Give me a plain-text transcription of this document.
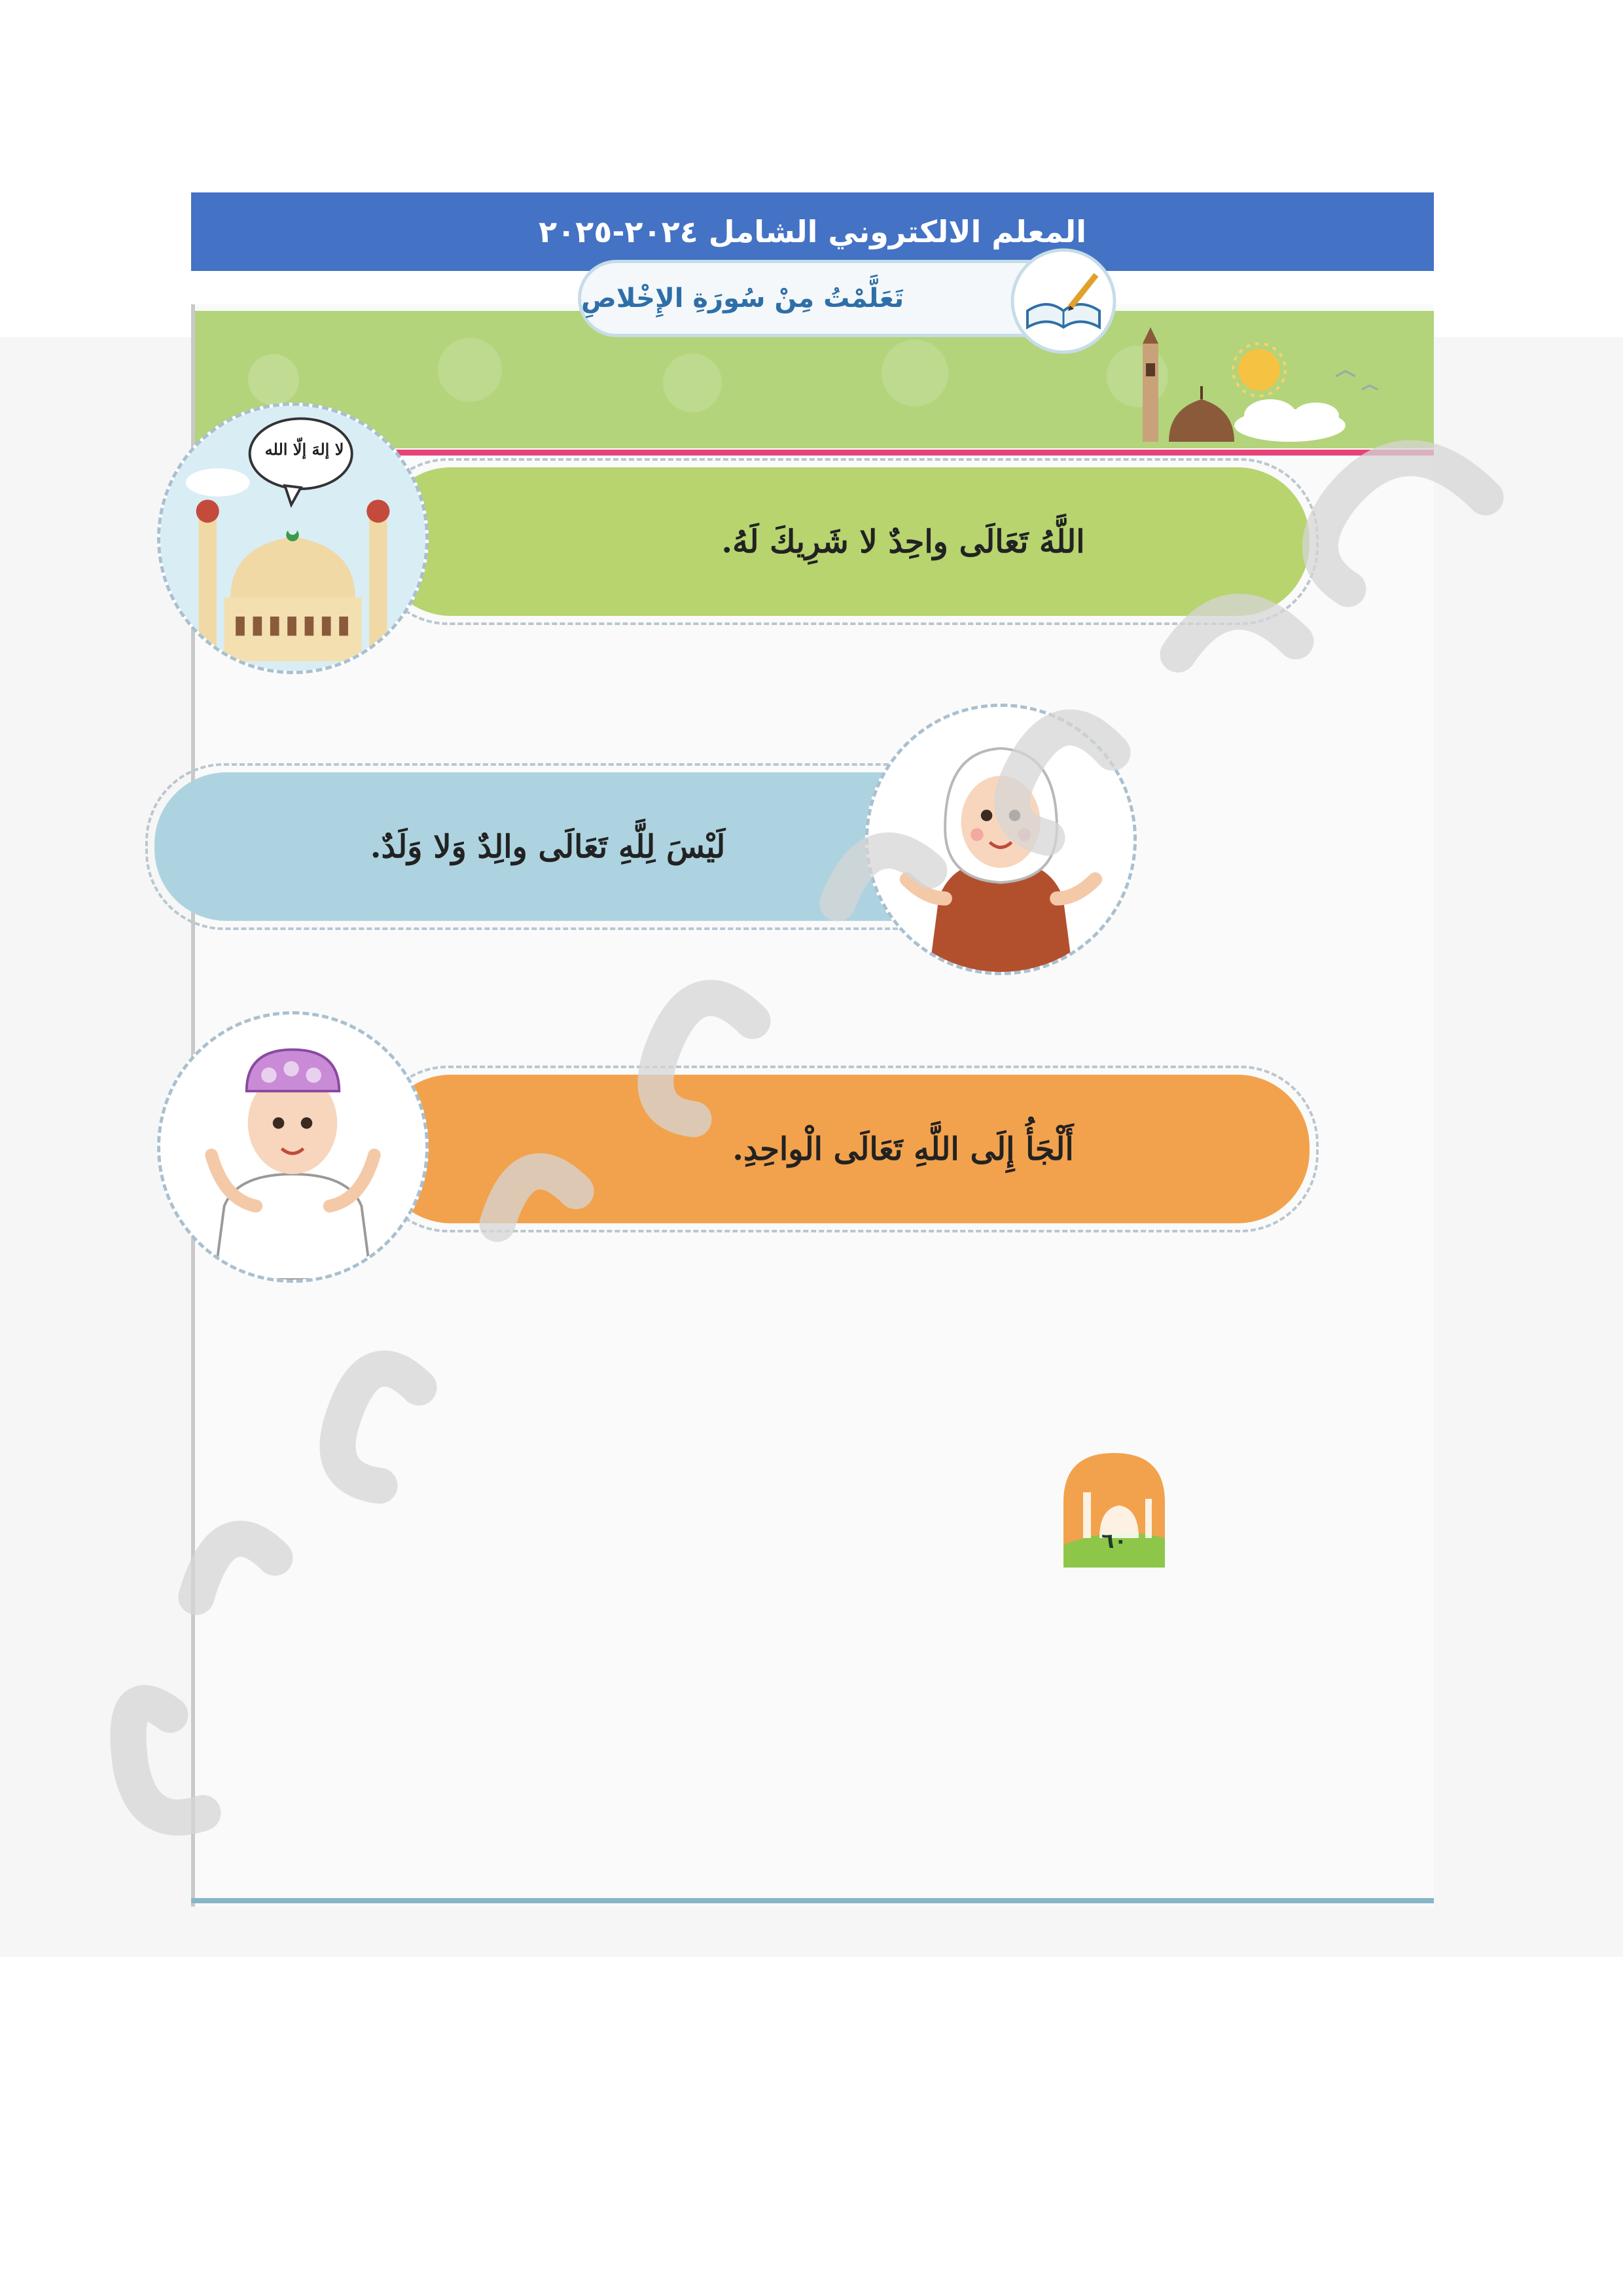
المعلم الالكتروني الشامل ٢٠٢٤-٢٠٢٥
تَعَلَّمْتُ مِنْ سُورَةِ الإِخْلاصِ
اللَّهُ تَعَالَى واحِدٌ لا شَرِيكَ لَهُ.
لا إلهَ إلّا الله
لَيْسَ لِلَّهِ تَعَالَى والِدٌ وَلا وَلَدٌ.
أَلْجَأُ إِلَى اللَّهِ تَعَالَى الْواحِدِ.
٦٠
